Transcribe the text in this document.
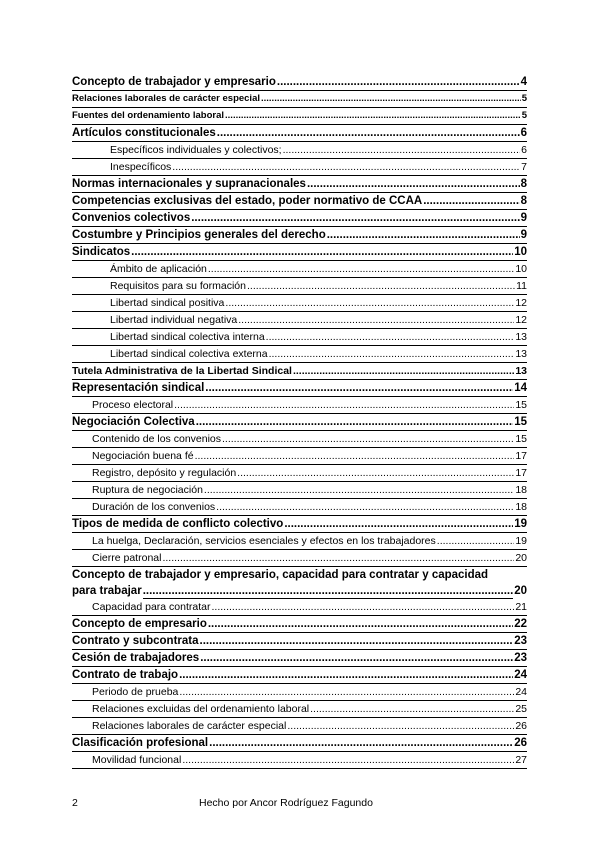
Concepto de trabajador y empresario .....	4
Relaciones laborales de carácter especial .....	5
Fuentes del ordenamiento laboral .....	5
Artículos constitucionales .....	6
Específicos individuales y colectivos; .....	6
Inespecíficos .....	7
Normas internacionales y supranacionales .....	8
Competencias exclusivas del estado, poder normativo de CCAA .....	8
Convenios colectivos .....	9
Costumbre y Principios generales del derecho .....	9
Sindicatos .....	10
Ámbito de aplicación .....	10
Requisitos para su formación .....	11
Libertad sindical positiva .....	12
Libertad individual negativa .....	12
Libertad sindical colectiva interna .....	13
Libertad sindical colectiva externa .....	13
Tutela Administrativa de la Libertad Sindical .....	13
Representación sindical .....	14
Proceso electoral .....	15
Negociación Colectiva .....	15
Contenido de los convenios .....	15
Negociación buena fé .....	17
Registro, depósito y regulación .....	17
Ruptura de negociación .....	18
Duración de los convenios .....	18
Tipos de medida de conflicto colectivo .....	19
La huelga, Declaración, servicios esenciales y efectos en los trabajadores .....	19
Cierre patronal .....	20
Concepto de trabajador y empresario, capacidad para contratar y capacidad
para trabajar .....	20
Capacidad para contratar .....	21
Concepto de empresario .....	22
Contrato y subcontrata .....	23
Cesión de trabajadores .....	23
Contrato de trabajo .....	24
Periodo de prueba .....	24
Relaciones excluidas del ordenamiento laboral .....	25
Relaciones laborales de carácter especial .....	26
Clasificación profesional .....	26
Movilidad funcional .....	27
2	Hecho por Ancor Rodríguez Fagundo
